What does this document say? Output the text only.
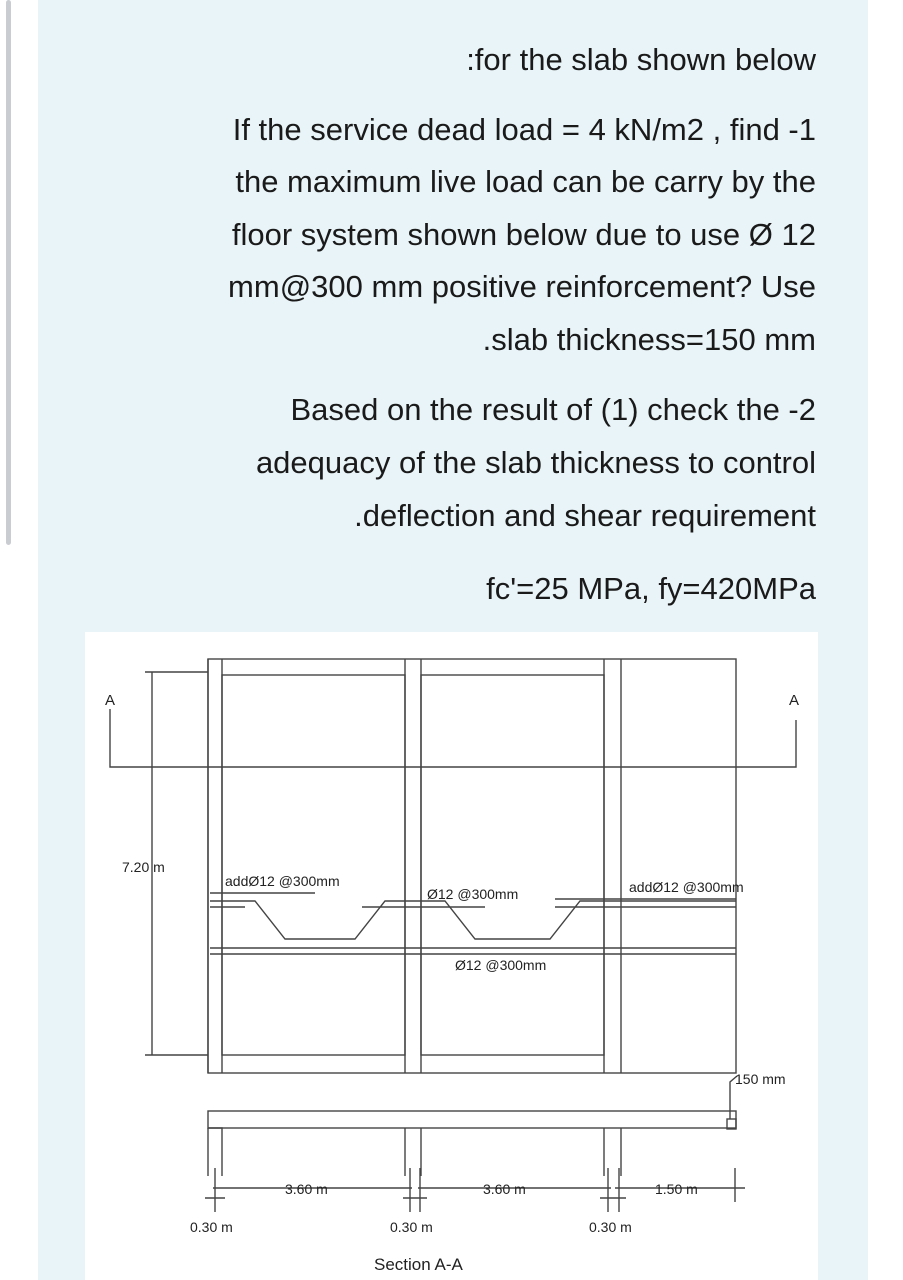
:for the slab shown below
If the service dead load = 4 kN/m2 , find -1
the maximum live load can be carry by the
floor system shown below due to use Ø 12
mm@300 mm positive reinforcement? Use
.slab thickness=150 mm
Based on the result of (1) check the -2
adequacy of the slab thickness to control
.deflection and shear requirement
fc'=25 MPa, fy=420MPa
A	A
7.20 m
addØ12 @300mm
Ø12 @300mm	addØ12 @300mm
Ø12 @300mm
150 mm
3.60 m	3.60 m	1.50 m
0.30 m	0.30 m	0.30 m
Section A-A
